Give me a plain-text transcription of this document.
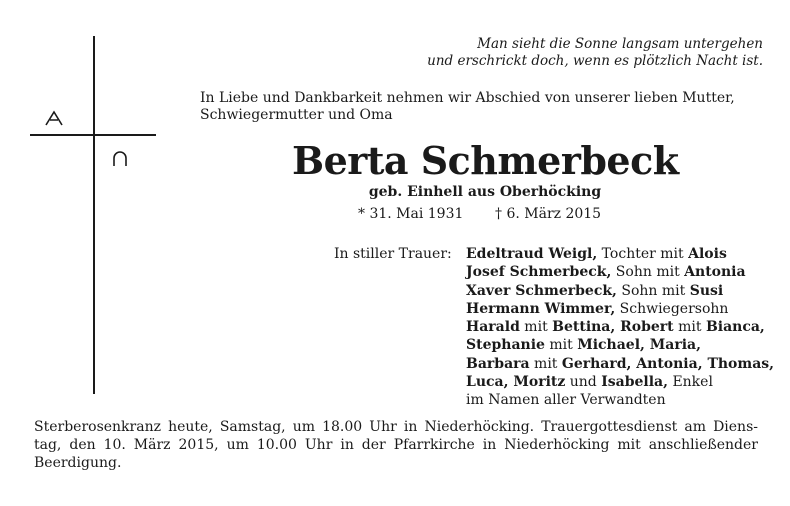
Man sieht die Sonne langsam untergehen
und erschrickt doch, wenn es plötzlich Nacht ist.
In Liebe und Dankbarkeit nehmen wir Abschied von unserer lieben Mutter,
Schwiegermutter und Oma
Berta Schmerbeck
geb. Einhell aus Oberhöcking
* 31. Mai 1931 † 6. März 2015
In stiller Trauer: Edeltraud Weigl, Tochter mit Alois
Josef Schmerbeck, Sohn mit Antonia
Xaver Schmerbeck, Sohn mit Susi
Hermann Wimmer, Schwiegersohn
Harald mit Bettina, Robert mit Bianca,
Stephanie mit Michael, Maria,
Barbara mit Gerhard, Antonia, Thomas,
Luca, Moritz und Isabella, Enkel
im Namen aller Verwandten
Sterberosenkranz heute, Samstag, um 18.00 Uhr in Niederhöcking. Trauergottesdienst am Diens-
tag, den 10. März 2015, um 10.00 Uhr in der Pfarrkirche in Niederhöcking mit anschließender
Beerdigung.
